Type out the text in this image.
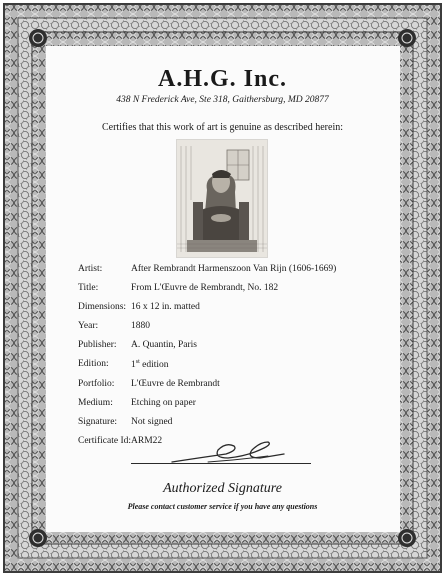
A.H.G. Inc.
438 N Frederick Ave, Ste 318, Gaithersburg, MD 20877
Certifies that this work of art is genuine as described herein:
Artist:	After Rembrandt Harmenszoon Van Rijn (1606-1669)
Title:	From L'Œuvre de Rembrandt, No. 182
Dimensions: 16 x 12 in. matted
Year:	1880
Publisher: A. Quantin, Paris
Edition: 1st edition
Portfolio: L'Œuvre de Rembrandt
Medium: Etching on paper
Signature: Not signed
Certificate Id: ARM22
Authorized Signature
Please contact customer service if you have any questions
